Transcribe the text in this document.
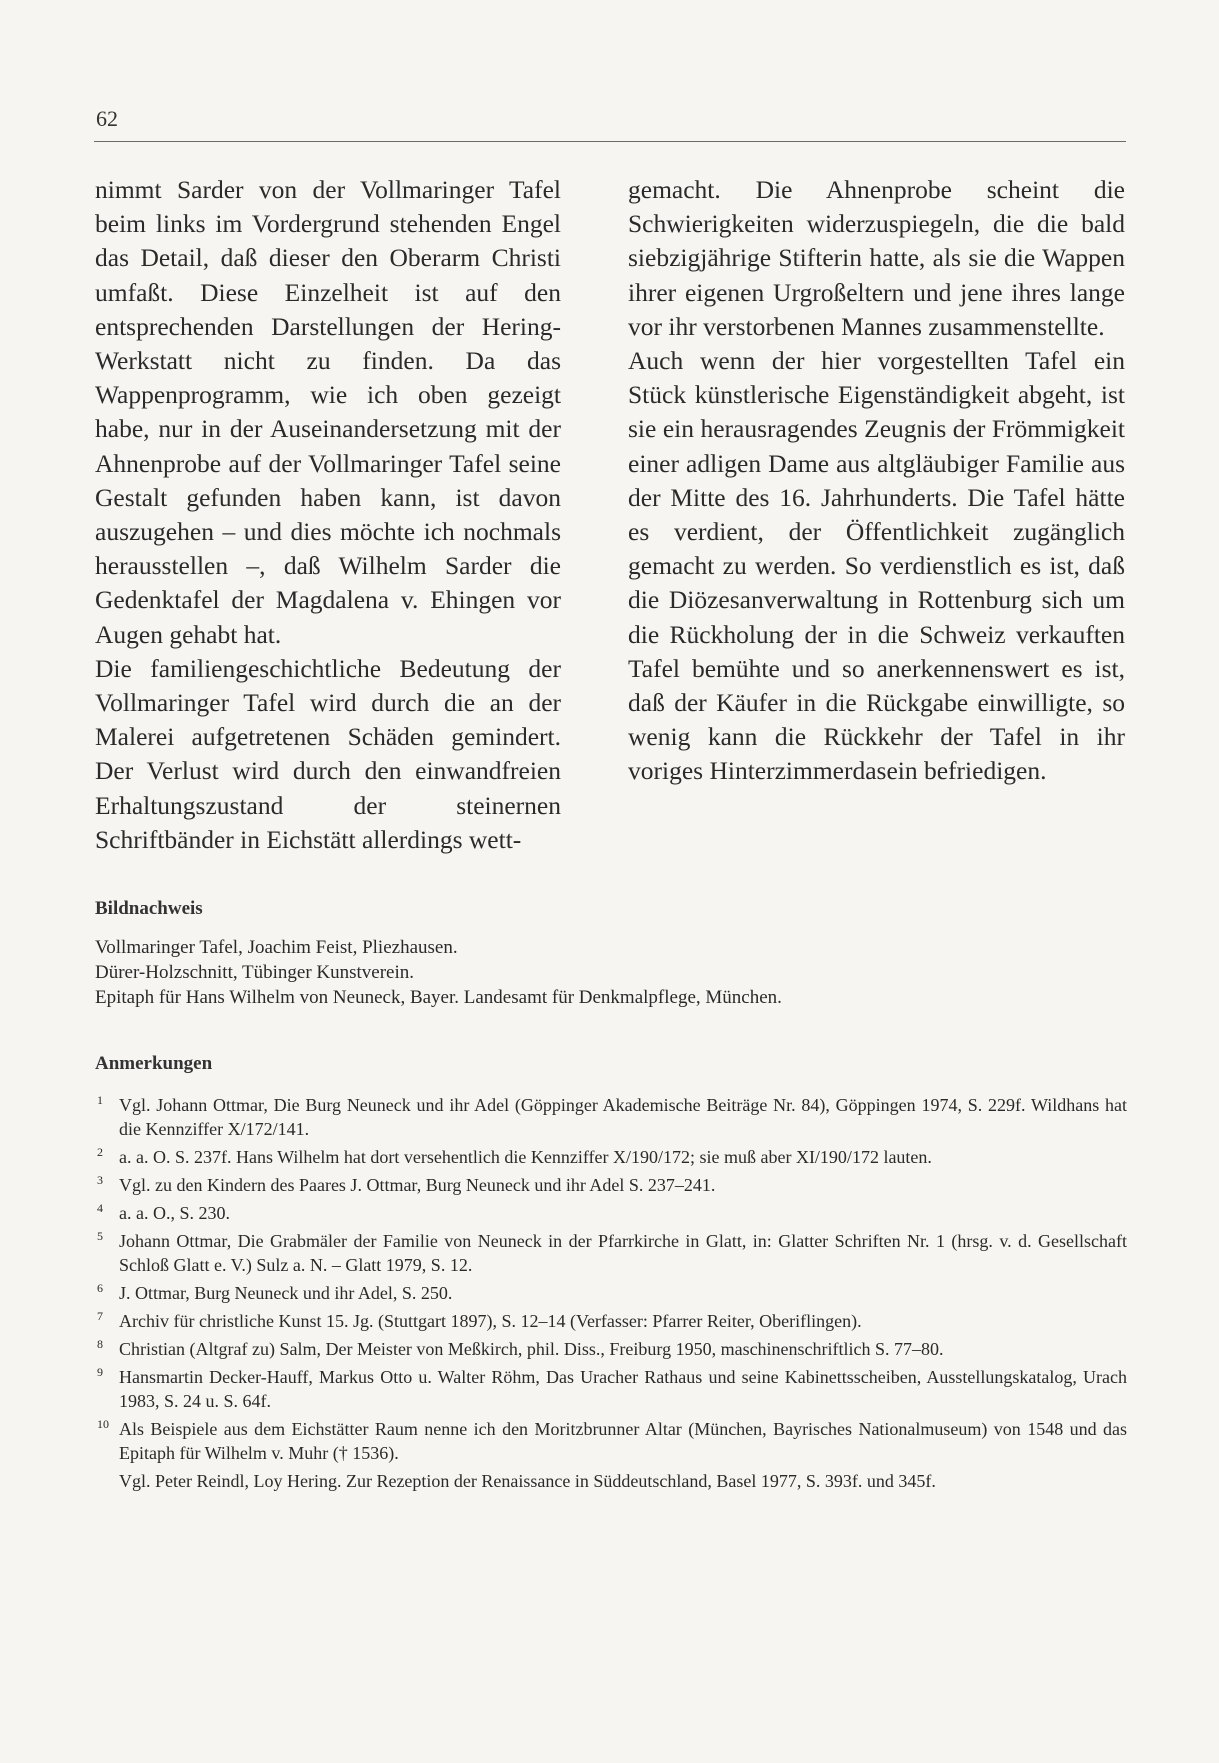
62

nimmt Sarder von der Vollmaringer Tafel beim links im Vordergrund stehenden Engel das Detail, daß dieser den Oberarm Christi umfaßt. Diese Einzelheit ist auf den entsprechenden Darstellungen der Hering-Werkstatt nicht zu finden. Da das Wappenprogramm, wie ich oben gezeigt habe, nur in der Auseinandersetzung mit der Ahnenprobe auf der Vollmaringer Tafel seine Gestalt gefunden haben kann, ist davon auszugehen – und dies möchte ich nochmals herausstellen –, daß Wilhelm Sarder die Gedenktafel der Magdalena v. Ehingen vor Augen gehabt hat.

Die familiengeschichtliche Bedeutung der Vollmaringer Tafel wird durch die an der Malerei aufgetretenen Schäden gemindert. Der Verlust wird durch den einwandfreien Erhaltungszustand der steinernen Schriftbänder in Eichstätt allerdings wett-

gemacht. Die Ahnenprobe scheint die Schwierigkeiten widerzuspiegeln, die die bald siebzigjährige Stifterin hatte, als sie die Wappen ihrer eigenen Urgroßeltern und jene ihres lange vor ihr verstorbenen Mannes zusammenstellte.

Auch wenn der hier vorgestellten Tafel ein Stück künstlerische Eigenständigkeit abgeht, ist sie ein herausragendes Zeugnis der Frömmigkeit einer adligen Dame aus altgläubiger Familie aus der Mitte des 16. Jahrhunderts. Die Tafel hätte es verdient, der Öffentlichkeit zugänglich gemacht zu werden. So verdienstlich es ist, daß die Diözesanverwaltung in Rottenburg sich um die Rückholung der in die Schweiz verkauften Tafel bemühte und so anerkennenswert es ist, daß der Käufer in die Rückgabe einwilligte, so wenig kann die Rückkehr der Tafel in ihr voriges Hinterzimmerdasein befriedigen.

Bildnachweis
Vollmaringer Tafel, Joachim Feist, Pliezhausen.
Dürer-Holzschnitt, Tübinger Kunstverein.
Epitaph für Hans Wilhelm von Neuneck, Bayer. Landesamt für Denkmalpflege, München.
Anmerkungen
1 Vgl. Johann Ottmar, Die Burg Neuneck und ihr Adel (Göppinger Akademische Beiträge Nr. 84), Göppingen 1974, S. 229f. Wildhans hat die Kennziffer X/172/141.
2 a. a. O. S. 237f. Hans Wilhelm hat dort versehentlich die Kennziffer X/190/172; sie muß aber XI/190/172 lauten.
3 Vgl. zu den Kindern des Paares J. Ottmar, Burg Neuneck und ihr Adel S. 237–241.
4 a. a. O., S. 230.
5 Johann Ottmar, Die Grabmäler der Familie von Neuneck in der Pfarrkirche in Glatt, in: Glatter Schriften Nr. 1 (hrsg. v. d. Gesellschaft Schloß Glatt e. V.) Sulz a. N. – Glatt 1979, S. 12.
6 J. Ottmar, Burg Neuneck und ihr Adel, S. 250.
7 Archiv für christliche Kunst 15. Jg. (Stuttgart 1897), S. 12–14 (Verfasser: Pfarrer Reiter, Oberiflingen).
8 Christian (Altgraf zu) Salm, Der Meister von Meßkirch, phil. Diss., Freiburg 1950, maschinenschriftlich S. 77–80.
9 Hansmartin Decker-Hauff, Markus Otto u. Walter Röhm, Das Uracher Rathaus und seine Kabinettsscheiben, Ausstellungskatalog, Urach 1983, S. 24 u. S. 64f.
10 Als Beispiele aus dem Eichstätter Raum nenne ich den Moritzbrunner Altar (München, Bayrisches Nationalmuseum) von 1548 und das Epitaph für Wilhelm v. Muhr († 1536).
Vgl. Peter Reindl, Loy Hering. Zur Rezeption der Renaissance in Süddeutschland, Basel 1977, S. 393f. und 345f.
